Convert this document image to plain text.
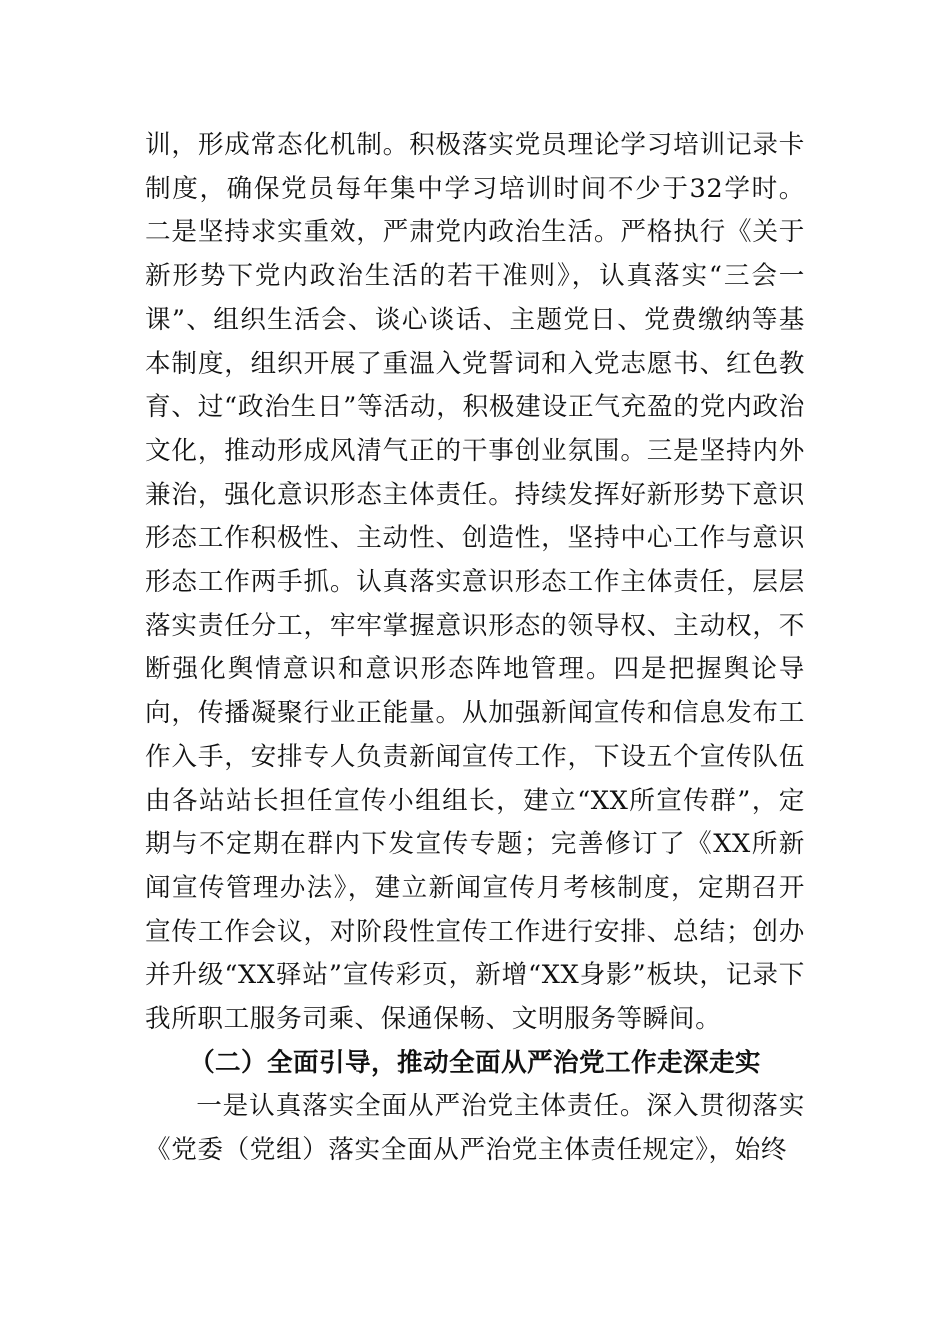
训，形成常态化机制。积极落实党员理论学习培训记录卡制度，确保党员每年集中学习培训时间不少于32学时。二是坚持求实重效，严肃党内政治生活。严格执行《关于新形势下党内政治生活的若干准则》，认真落实“三会一课”、组织生活会、谈心谈话、主题党日、党费缴纳等基本制度，组织开展了重温入党誓词和入党志愿书、红色教育、过“政治生日”等活动，积极建设正气充盈的党内政治文化，推动形成风清气正的干事创业氛围。三是坚持内外兼治，强化意识形态主体责任。持续发挥好新形势下意识形态工作积极性、主动性、创造性，坚持中心工作与意识形态工作两手抓。认真落实意识形态工作主体责任，层层落实责任分工，牢牢掌握意识形态的领导权、主动权，不断强化舆情意识和意识形态阵地管理。四是把握舆论导向，传播凝聚行业正能量。从加强新闻宣传和信息发布工作入手，安排专人负责新闻宣传工作，下设五个宣传队伍由各站站长担任宣传小组组长，建立“XX所宣传群”，定期与不定期在群内下发宣传专题；完善修订了《XX所新闻宣传管理办法》，建立新闻宣传月考核制度，定期召开宣传工作会议，对阶段性宣传工作进行安排、总结；创办并升级“XX驿站”宣传彩页，新增“XX身影”板块，记录下我所职工服务司乘、保通保畅、文明服务等瞬间。

（二）全面引导，推动全面从严治党工作走深走实

一是认真落实全面从严治党主体责任。深入贯彻落实《党委（党组）落实全面从严治党主体责任规定》，始终
